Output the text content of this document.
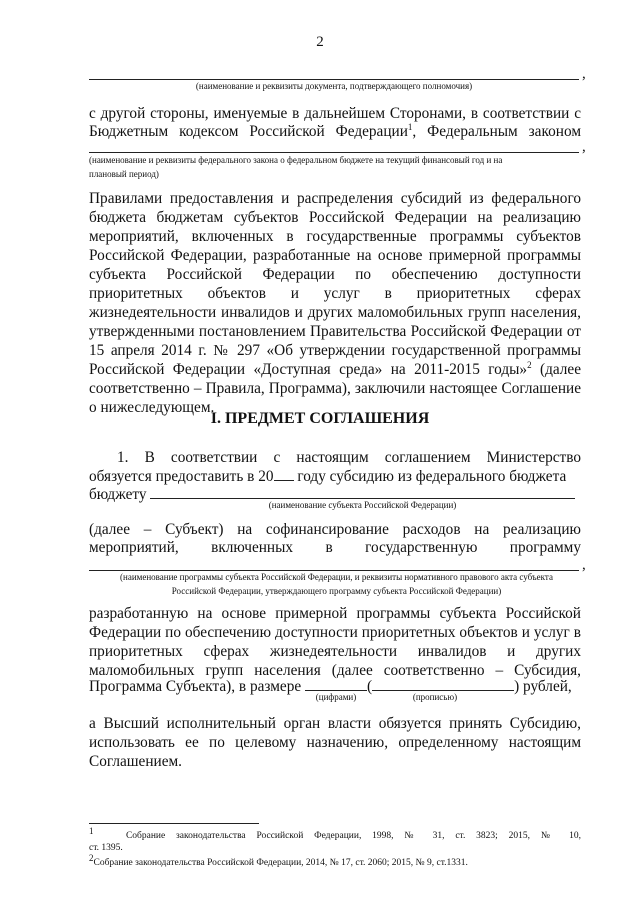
2
,
(наименование и реквизиты документа, подтверждающего полномочия)
с другой стороны, именуемые в дальнейшем Сторонами, в соответствии с
Бюджетным кодексом Российской Федерации$^1$, Федеральным законом
,
(наименование и реквизиты федерального закона о федеральном бюджете на текущий финансовый год и на
плановый период)
Правилами предоставления и распределения субсидий из федерального
бюджета бюджетам субъектов Российской Федерации на реализацию
мероприятий, включенных в государственные программы субъектов
Российской Федерации, разработанные на основе примерной программы
субъекта Российской Федерации по обеспечению доступности
приоритетных объектов и услуг в приоритетных сферах
жизнедеятельности инвалидов и других маломобильных групп населения,
утвержденными постановлением Правительства Российской Федерации от
15 апреля 2014 г. № 297 «Об утверждении государственной программы
Российской Федерации «Доступная среда» на 2011-2015 годы»$^2$ (далее
соответственно – Правила, Программа), заключили настоящее Соглашение
о нижеследующем.
I. ПРЕДМЕТ СОГЛАШЕНИЯ
1. В соответствии с настоящим соглашением Министерство
обязуется предоставить в 20 году субсидию из федерального бюджета
бюджету
(наименование субъекта Российской Федерации)
(далее – Субъект) на софинансирование расходов на реализацию
мероприятий, включенных в государственную программу
,
(наименование программы субъекта Российской Федерации, и реквизиты нормативного правового акта субъекта
Российской Федерации, утверждающего программу субъекта Российской Федерации)
разработанную на основе примерной программы субъекта Российской
Федерации по обеспечению доступности приоритетных объектов и услуг в
приоритетных сферах жизнедеятельности инвалидов и других
маломобильных групп населения (далее соответственно – Субсидия,
Программа Субъекта), в размере	(	) рублей,
(цифрами)	(прописью)
а Высший исполнительный орган власти обязуется принять Субсидию,
использовать ее по целевому назначению, определенному настоящим
Соглашением.
$^1$   Собрание законодательства Российской Федерации, 1998, № 31, ст. 3823; 2015, № 10,
ст. 1395.
$^2$Собрание законодательства Российской Федерации, 2014, № 17, ст. 2060; 2015, № 9, ст.1331.
